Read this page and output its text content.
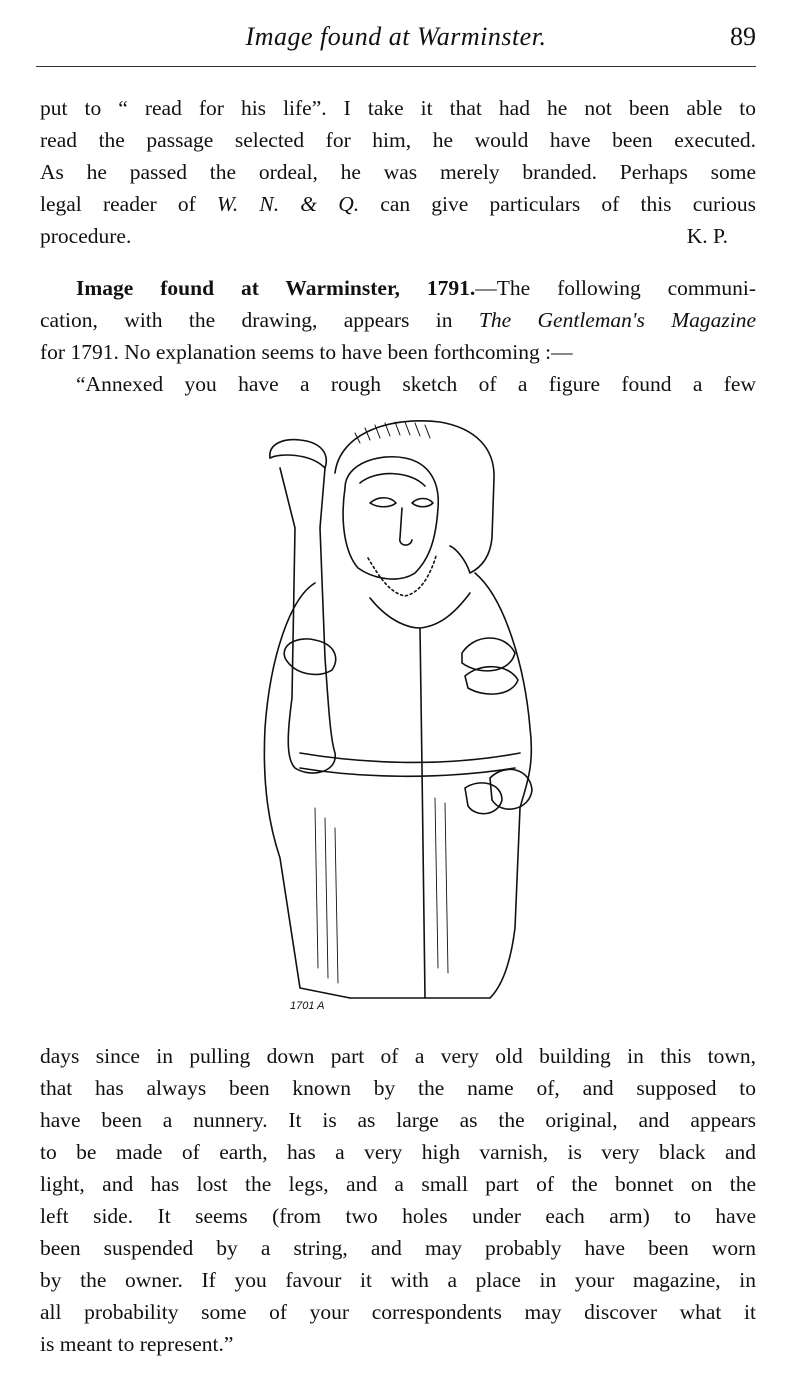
Image found at Warminster.	89
put to “ read for his life”. I take it that had he not been able to
read the passage selected for him, he would have been executed.
As he passed the ordeal, he was merely branded. Perhaps some
legal reader of W. N. & Q. can give particulars of this curious
procedure.	K. P.
Image found at Warminster, 1791.—The following communi-
cation, with the drawing, appears in The Gentleman's Magazine
for 1791. No explanation seems to have been forthcoming :—
“Annexed you have a rough sketch of a figure found a few
1701 A
days since in pulling down part of a very old building in this town,
that has always been known by the name of, and supposed to
have been a nunnery. It is as large as the original, and appears
to be made of earth, has a very high varnish, is very black and
light, and has lost the legs, and a small part of the bonnet on the
left side. It seems (from two holes under each arm) to have
been suspended by a string, and may probably have been worn
by the owner. If you favour it with a place in your magazine, in
all probability some of your correspondents may discover what it
is meant to represent.”
